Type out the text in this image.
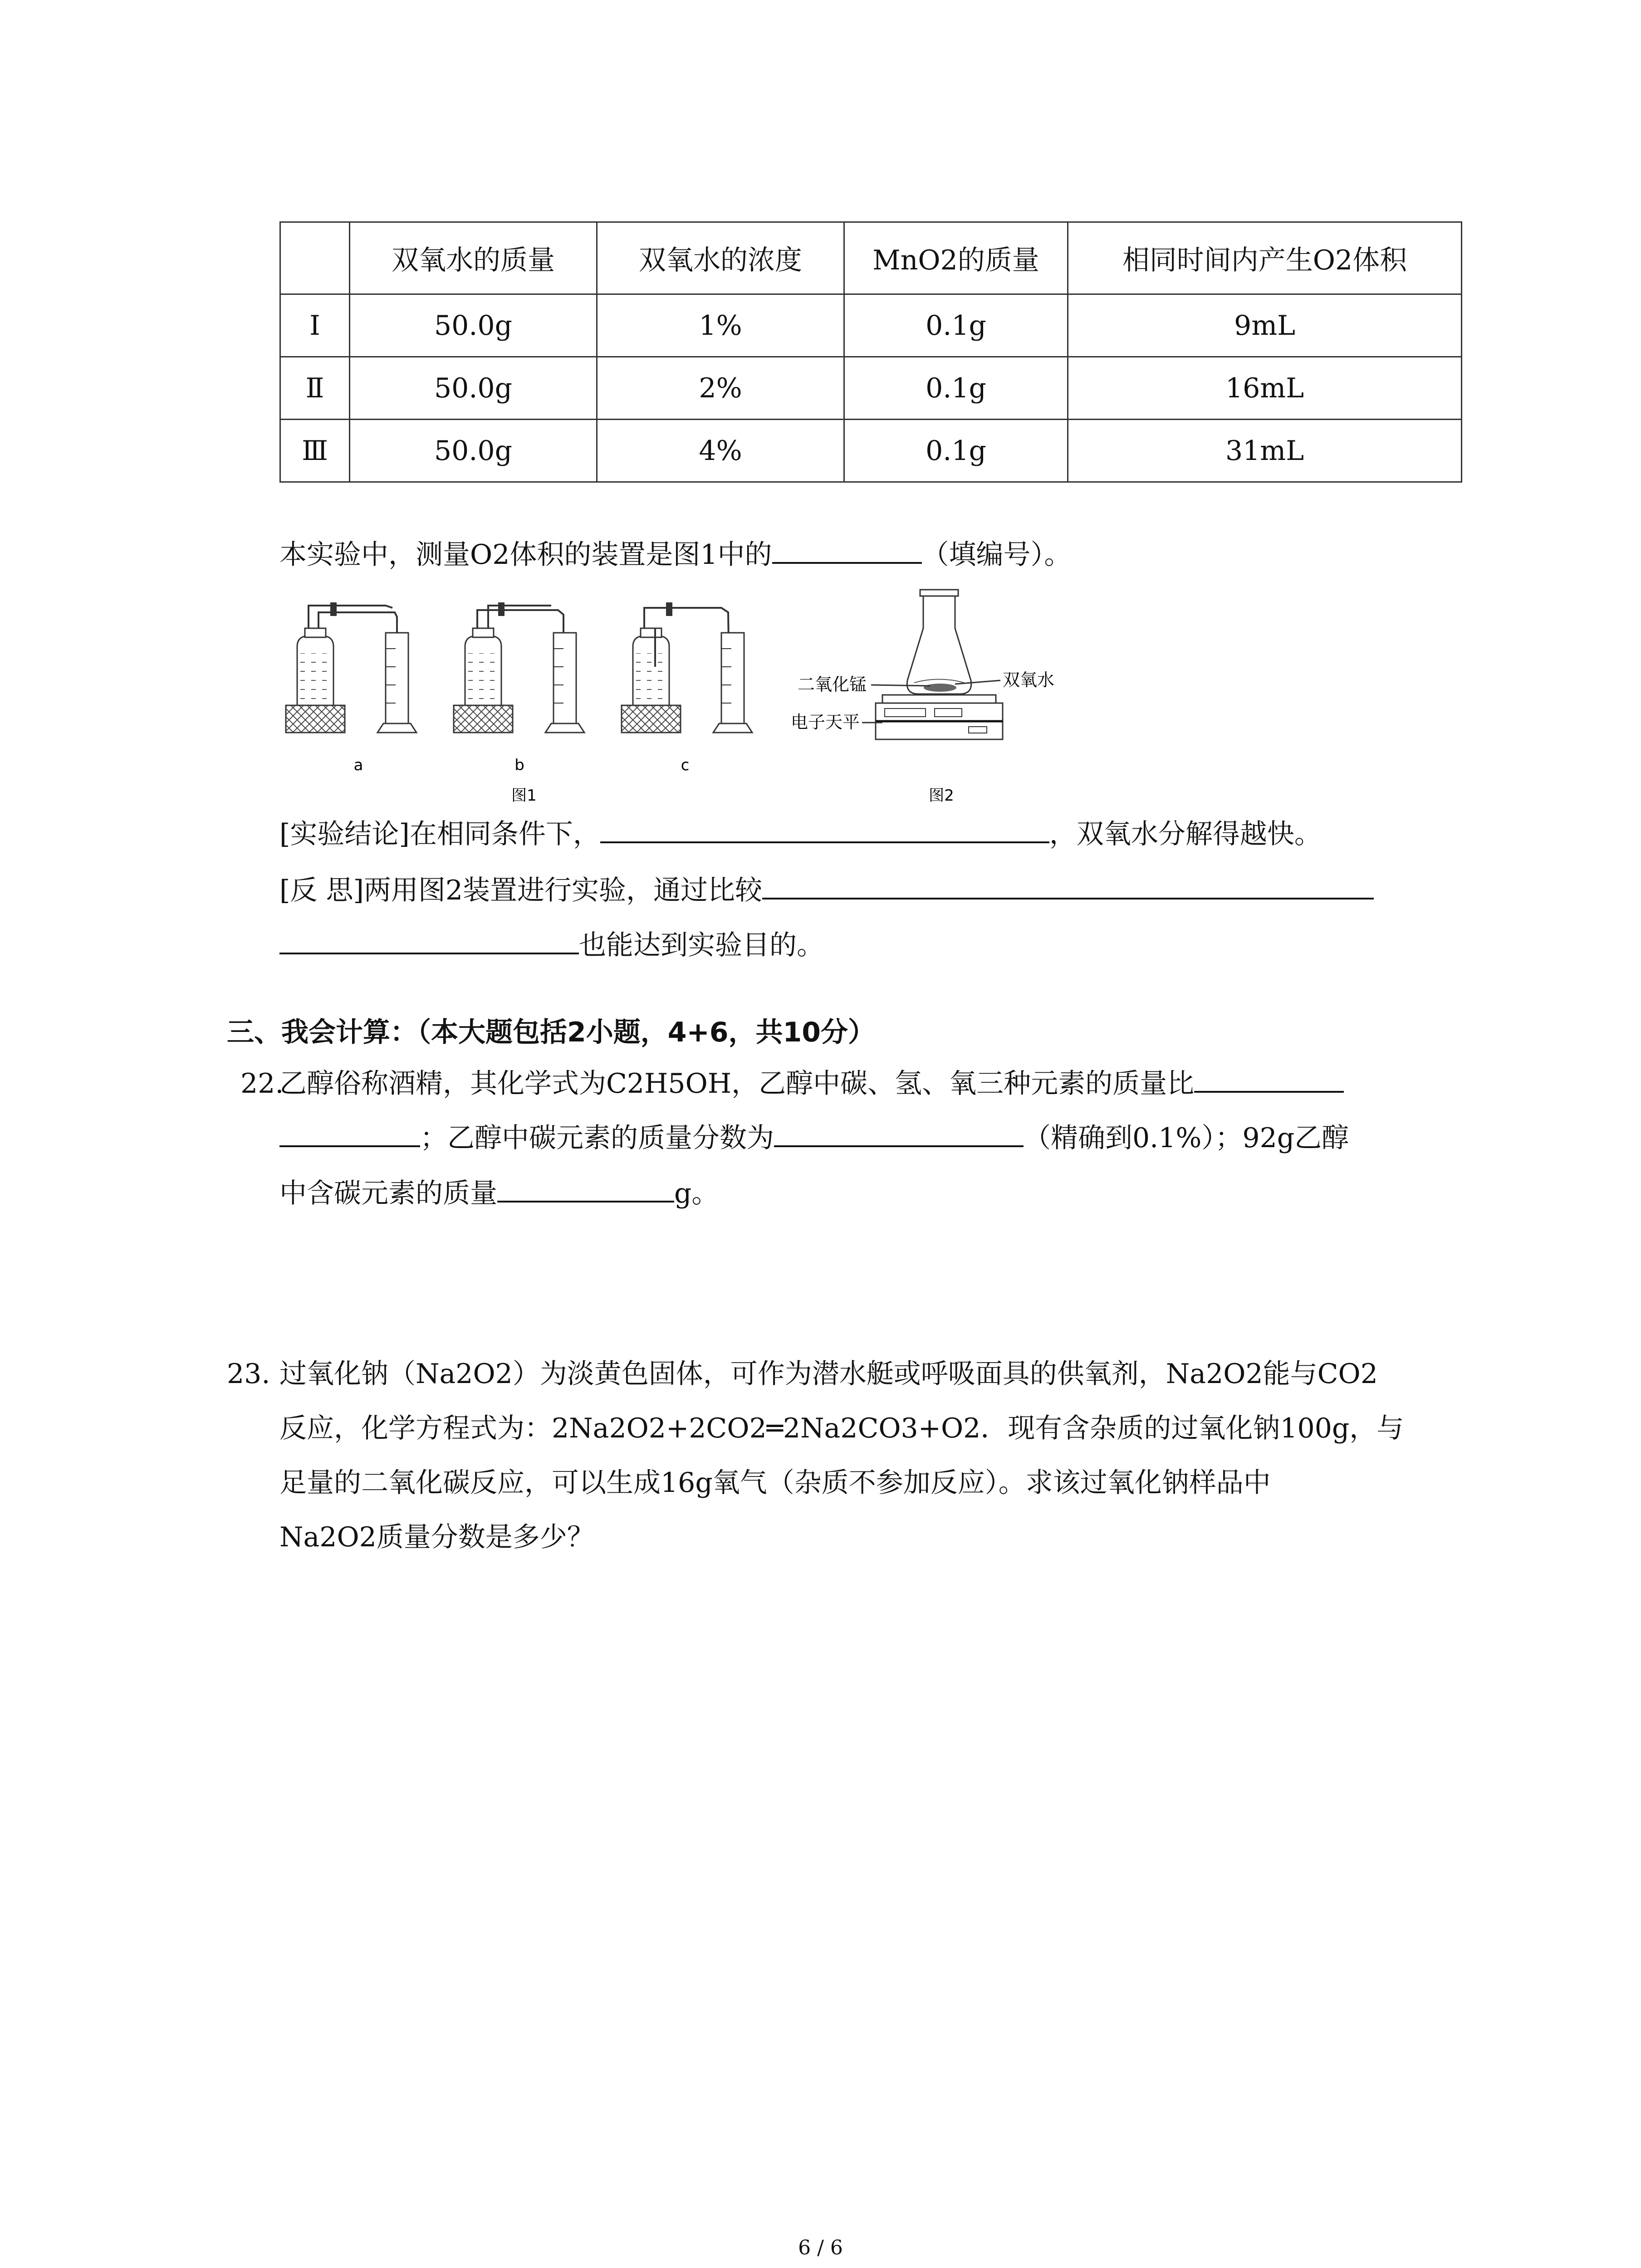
	双氧水的质量	双氧水的浓度	MnO2的质量	相同时间内产生O2体积
Ⅰ	50.0g	1%	0.1g	9mL
Ⅱ	50.0g	2%	0.1g	16mL
Ⅲ	50.0g	4%	0.1g	31mL
本实验中，测量O2体积的装置是图1中的	（填编号）。
a	b	c
图1
二氧化锰	双氧水
电子天平
图2
[实验结论]在相同条件下，	，双氧水分解得越快。
[反 思]两用图2装置进行实验，通过比较
也能达到实验目的。
三、我会计算：（本大题包括2小题，4+6，共10分）
22.
乙醇俗称酒精，其化学式为C2H5OH，乙醇中碳、氢、氧三种元素的质量比
；乙醇中碳元素的质量分数为	（精确到0.1%）；92g乙醇
中含碳元素的质量	g。
23. 过氧化钠（Na2O2）为淡黄色固体，可作为潜水艇或呼吸面具的供氧剂，Na2O2能与CO2
反应，化学方程式为：2Na2O2+2CO2═2Na2CO3+O2．现有含杂质的过氧化钠100g，与
足量的二氧化碳反应，可以生成16g氧气（杂质不参加反应）。求该过氧化钠样品中
Na2O2质量分数是多少？
6 / 6
